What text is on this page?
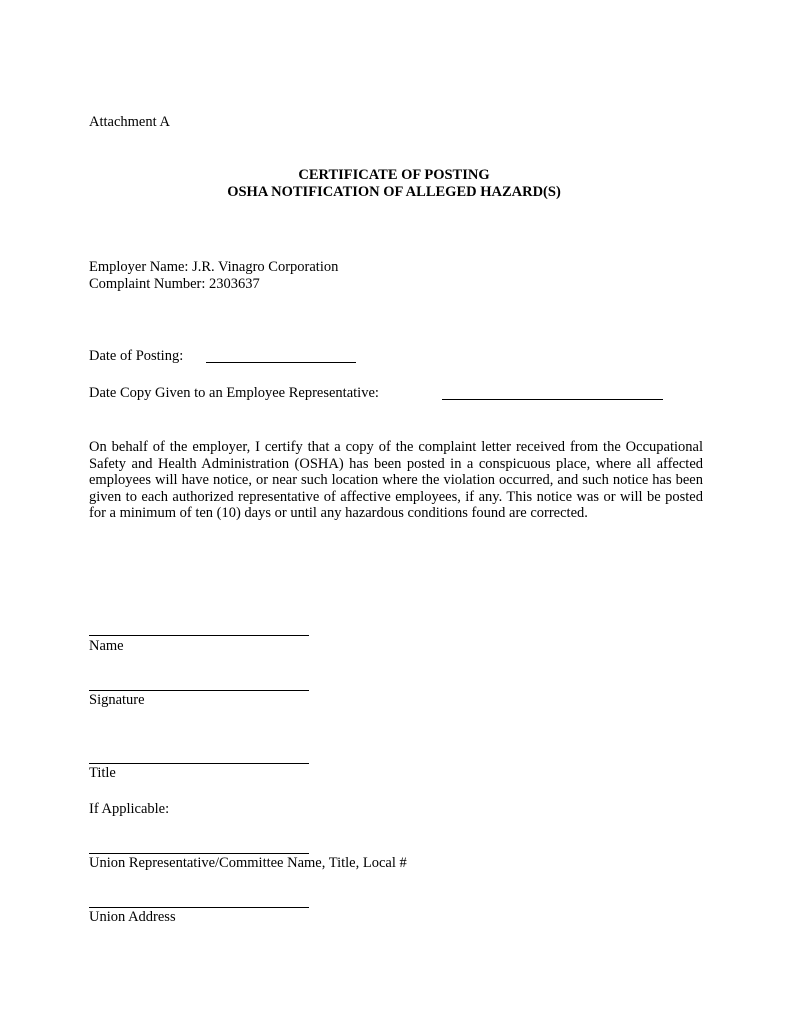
Attachment A
CERTIFICATE OF POSTING
OSHA NOTIFICATION OF ALLEGED HAZARD(S)
Employer Name: J.R. Vinagro Corporation
Complaint Number: 2303637
Date of Posting:
Date Copy Given to an Employee Representative:
On behalf of the employer, I certify that a copy of the complaint letter received from the Occupational Safety and Health Administration (OSHA) has been posted in a conspicuous place, where all affected employees will have notice, or near such location where the violation occurred, and such notice has been given to each authorized representative of affective employees, if any. This notice was or will be posted for a minimum of ten (10) days or until any hazardous conditions found are corrected.
Name
Signature
Title
If Applicable:
Union Representative/Committee Name, Title, Local #
Union Address
